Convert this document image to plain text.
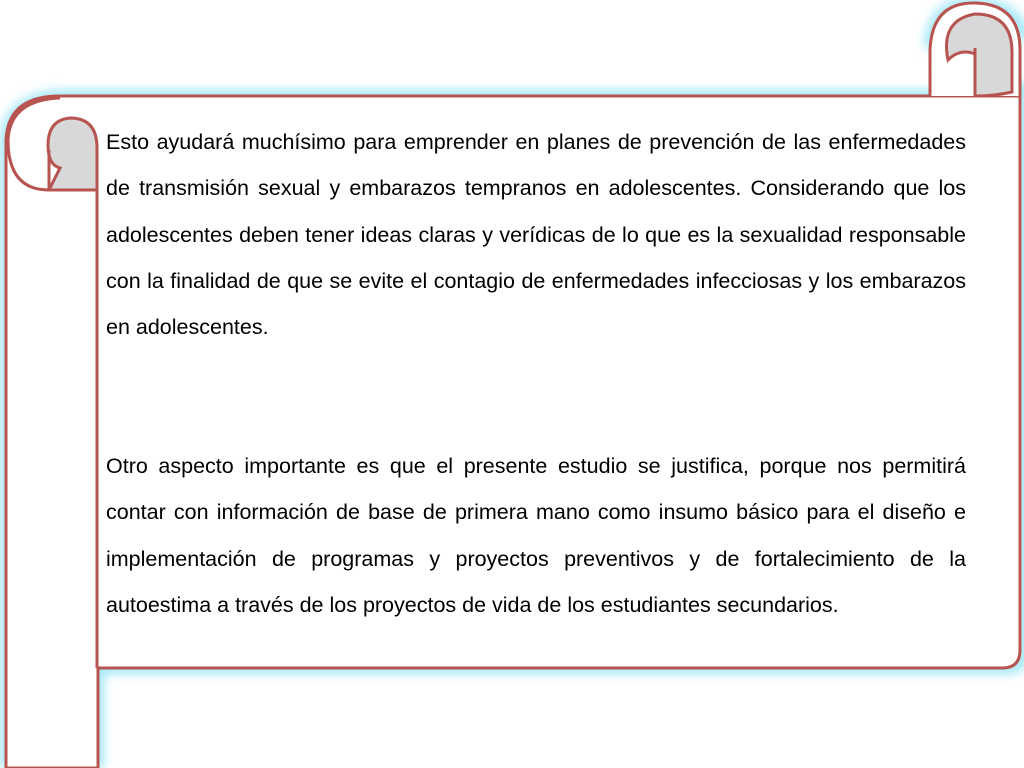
Esto ayudará muchísimo para emprender en planes de prevención de las enfermedades de transmisión sexual y embarazos tempranos en adolescentes. Considerando que los adolescentes deben tener ideas claras y verídicas de lo que es la sexualidad responsable con la finalidad de que se evite el contagio de enfermedades infecciosas y los embarazos en adolescentes.

Otro aspecto importante es que el presente estudio se justifica, porque nos permitirá contar con información de base de primera mano como insumo básico para el diseño e implementación de programas y proyectos preventivos y de fortalecimiento de la autoestima a través de los proyectos de vida de los estudiantes secundarios.
